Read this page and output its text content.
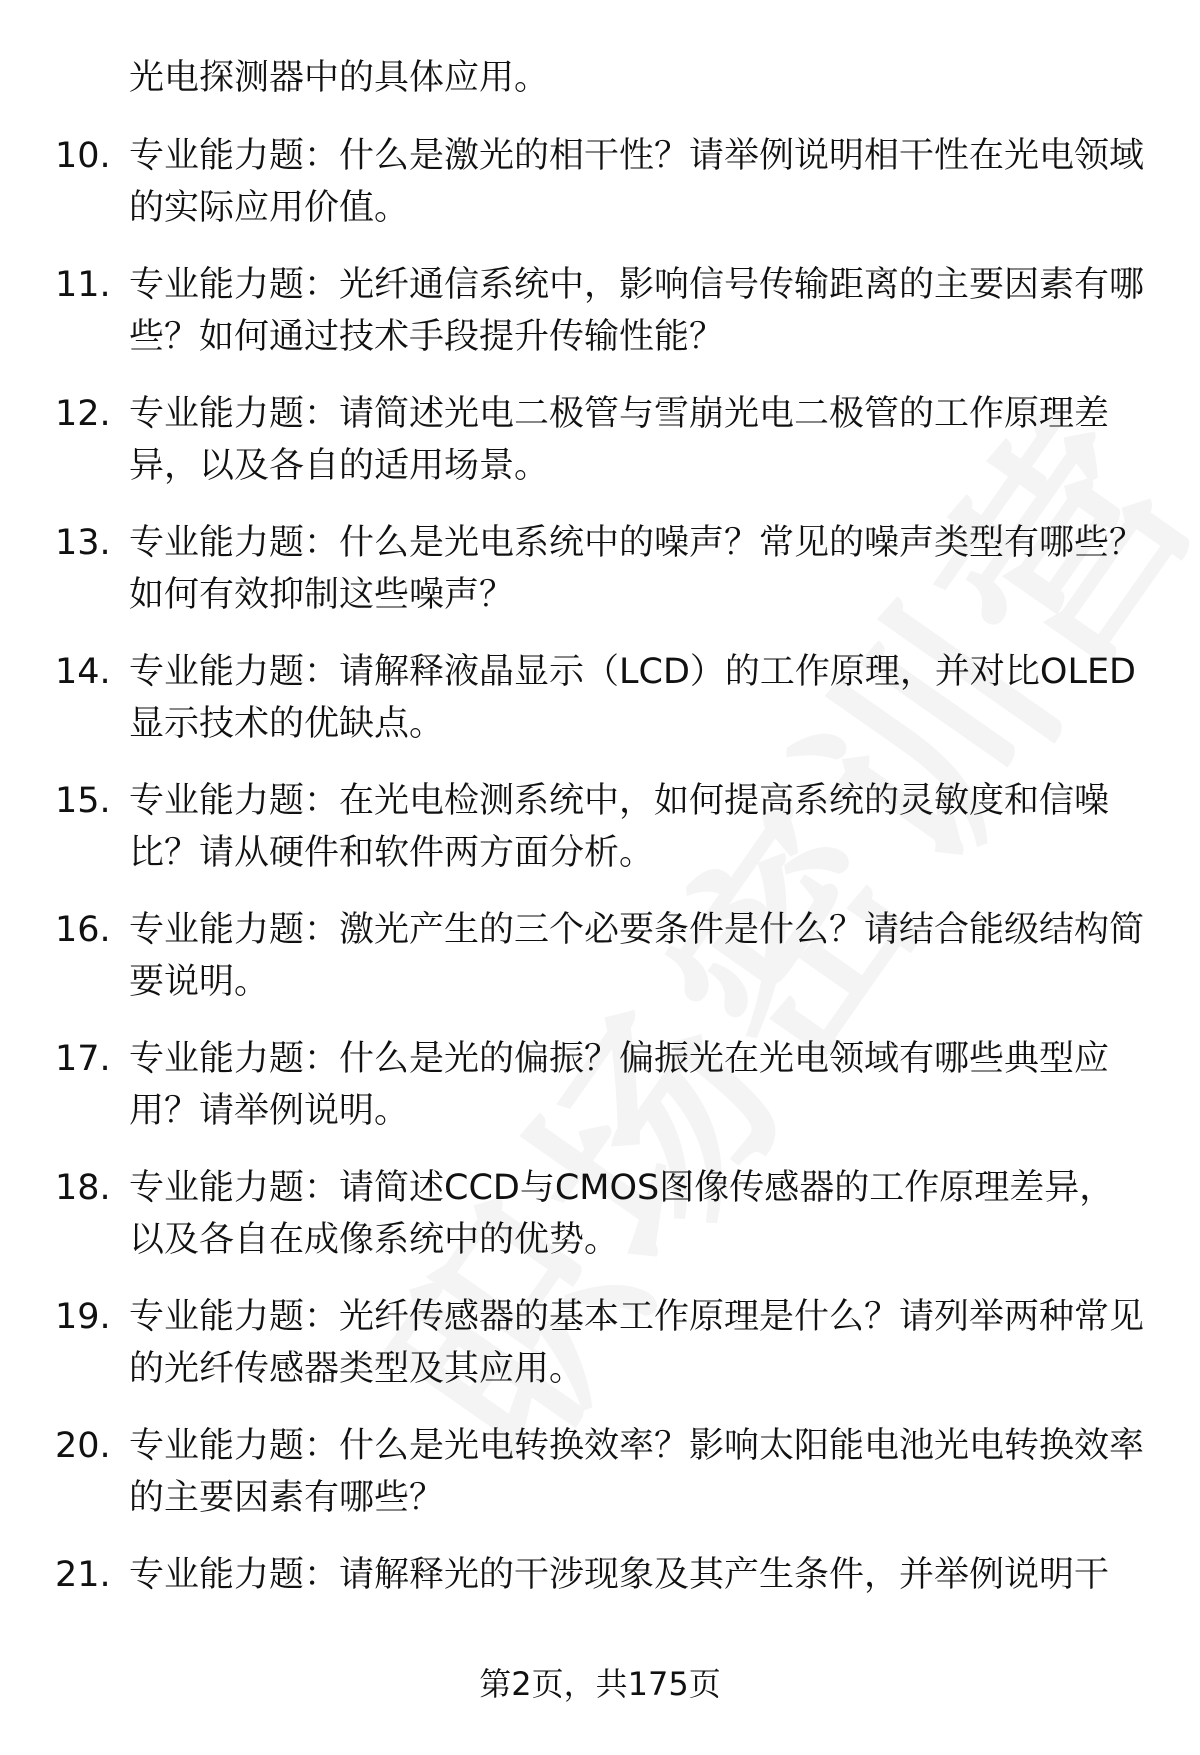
光电探测器中的具体应用。
10. 专业能力题：什么是激光的相干性？请举例说明相干性在光电领域的实际应用价值。
11. 专业能力题：光纤通信系统中，影响信号传输距离的主要因素有哪些？如何通过技术手段提升传输性能？
12. 专业能力题：请简述光电二极管与雪崩光电二极管的工作原理差异，以及各自的适用场景。
13. 专业能力题：什么是光电系统中的噪声？常见的噪声类型有哪些？如何有效抑制这些噪声？
14. 专业能力题：请解释液晶显示（LCD）的工作原理，并对比OLED显示技术的优缺点。
15. 专业能力题：在光电检测系统中，如何提高系统的灵敏度和信噪比？请从硬件和软件两方面分析。
16. 专业能力题：激光产生的三个必要条件是什么？请结合能级结构简要说明。
17. 专业能力题：什么是光的偏振？偏振光在光电领域有哪些典型应用？请举例说明。
18. 专业能力题：请简述CCD与CMOS图像传感器的工作原理差异，以及各自在成像系统中的优势。
19. 专业能力题：光纤传感器的基本工作原理是什么？请列举两种常见的光纤传感器类型及其应用。
20. 专业能力题：什么是光电转换效率？影响太阳能电池光电转换效率的主要因素有哪些？
21. 专业能力题：请解释光的干涉现象及其产生条件，并举例说明干
第2页，共175页
